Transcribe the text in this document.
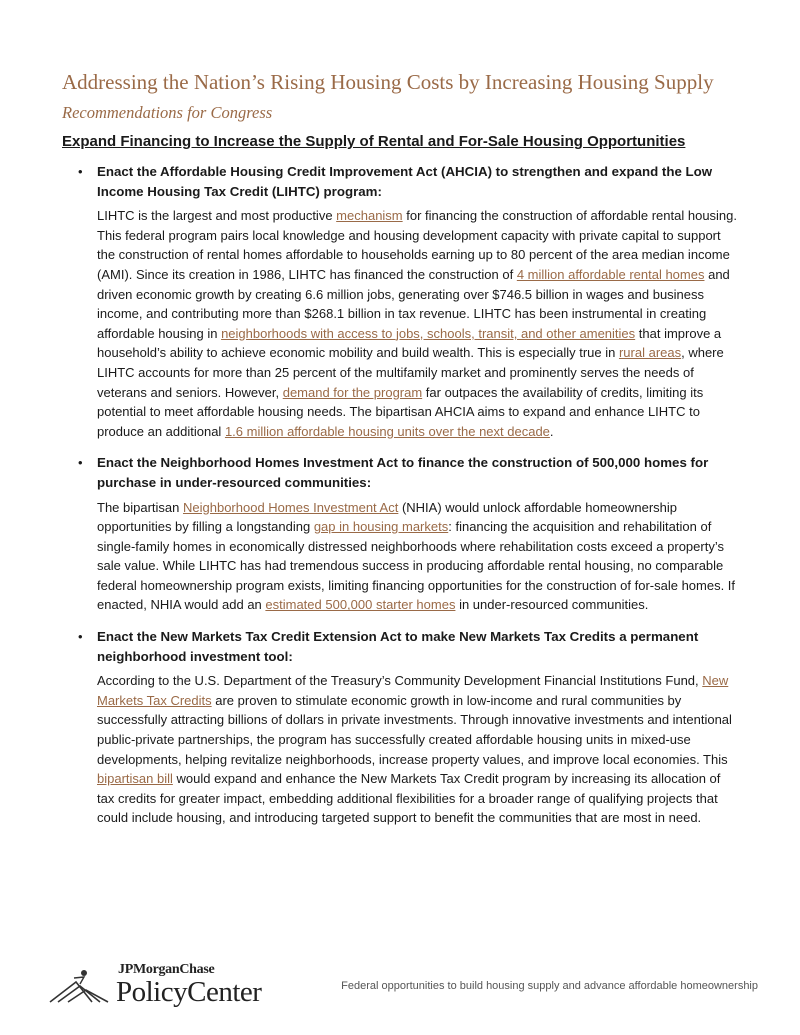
Addressing the Nation’s Rising Housing Costs by Increasing Housing Supply
Recommendations for Congress
Expand Financing to Increase the Supply of Rental and For-Sale Housing Opportunities
• Enact the Affordable Housing Credit Improvement Act (AHCIA) to strengthen and expand the Low Income Housing Tax Credit (LIHTC) program:

LIHTC is the largest and most productive mechanism for financing the construction of affordable rental housing. This federal program pairs local knowledge and housing development capacity with private capital to support the construction of rental homes affordable to households earning up to 80 percent of the area median income (AMI). Since its creation in 1986, LIHTC has financed the construction of 4 million affordable rental homes and driven economic growth by creating 6.6 million jobs, generating over $746.5 billion in wages and business income, and contributing more than $268.1 billion in tax revenue. LIHTC has been instrumental in creating affordable housing in neighborhoods with access to jobs, schools, transit, and other amenities that improve a household’s ability to achieve economic mobility and build wealth. This is especially true in rural areas, where LIHTC accounts for more than 25 percent of the multifamily market and prominently serves the needs of veterans and seniors. However, demand for the program far outpaces the availability of credits, limiting its potential to meet affordable housing needs. The bipartisan AHCIA aims to expand and enhance LIHTC to produce an additional 1.6 million affordable housing units over the next decade.

• Enact the Neighborhood Homes Investment Act to finance the construction of 500,000 homes for purchase in under-resourced communities:

The bipartisan Neighborhood Homes Investment Act (NHIA) would unlock affordable homeownership opportunities by filling a longstanding gap in housing markets: financing the acquisition and rehabilitation of single-family homes in economically distressed neighborhoods where rehabilitation costs exceed a property’s sale value. While LIHTC has had tremendous success in producing affordable rental housing, no comparable federal homeownership program exists, limiting financing opportunities for the construction of for-sale homes. If enacted, NHIA would add an estimated 500,000 starter homes in under-resourced communities.

• Enact the New Markets Tax Credit Extension Act to make New Markets Tax Credits a permanent neighborhood investment tool:

According to the U.S. Department of the Treasury’s Community Development Financial Institutions Fund, New Markets Tax Credits are proven to stimulate economic growth in low-income and rural communities by successfully attracting billions of dollars in private investments. Through innovative investments and intentional public-private partnerships, the program has successfully created affordable housing units in mixed-use developments, helping revitalize neighborhoods, increase property values, and improve local economies. This bipartisan bill would expand and enhance the New Markets Tax Credit program by increasing its allocation of tax credits for greater impact, embedding additional flexibilities for a broader range of qualifying projects that could include housing, and introducing targeted support to benefit the communities that are most in need.

JPMorganChase
PolicyCenter	Federal opportunities to build housing supply and advance affordable homeownership
